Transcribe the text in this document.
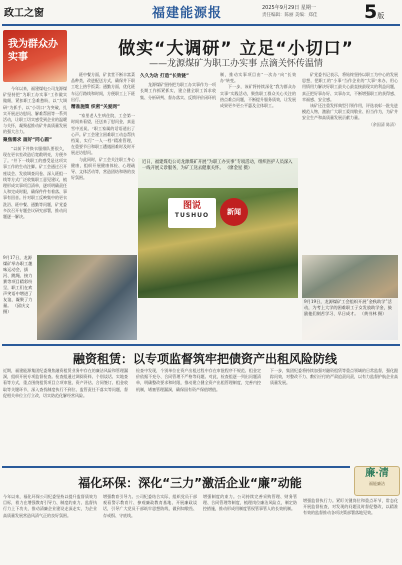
政工之窗	福建能源报	2025年9月29日 星期一
责任编辑：陈丽 美编：郑佳 5版
我为群众办实事	做实“大调研” 立足“小切口”
——龙源煤矿为职工办实事 点滴关怀传温情
今年以来，福建煤电公司龙源煤矿坚持把“为职工办实事”工作做实做细，紧扣职工急难愁盼，以“大调研”为抓手、以“小切口”为突破，扎实开展走访慰问、解难帮困等一系列活动，让职工切实感受到企业的温暖与关怀，凝聚起推动矿井高质量发展的强大合力。
聚焦需求 画好“同心圆”
“以前下井换衣服排队要很久，现在更衣室改造后宽敞明亮，方便多了。”井下一线职工的感受是这项实事工作的生动注脚。矿工会通过召开座谈会、发放调查问卷、深入班组一线等方式广泛收集职工意见建议，梳理形成实事项目清单，逐项明确责任人和完成时限，确保件件有着落、事事有回音。针对职工反映集中的更衣洗浴、班中餐、通勤等问题，矿党委多次召开专题会议研究部署，推动问题逐一解决。
班中餐方面，矿食堂不断丰富菜品种类，改进配送方式，确保井下职工吃上热乎饭菜；通勤方面，优化班车运行路线和时间，方便职工上下班出行。
精准施策 织密“关爱网”
“家里老人生病住院，工会第一时间来看望，还送来了慰问金，真是雪中送炭。”职工家属的话语道出了心声。矿工会建立困难职工动态帮扶档案，实行“一人一档”精准管理，在重要节日和职工遭遇困难时及时开展走访慰问。
与此同时，矿工会关注职工身心健康，组织开展健康体检、心理疏导、文体活动等，营造团结和谐的良好氛围。
久久为功 打造“长效链”
龙源煤矿坚持把为职工办实事作为一项长期工作抓紧抓实，建立健全职工诉求收集、分析研判、督办落实、反馈评价闭环机制，推动实事项目由“一次办”向“长效办”转变。
下一步，该矿将持续深化“我为群众办实事”实践活动，聚焦职工群众关心关注的热点难点问题，不断提升服务质效，让发展成果更多更公平惠及全体职工。
矿党委书记表示，将始终坚持以职工为中心的发展思想，把职工的“小事”当作企业的“大事”来办，用心用情用力解决好职工最关心最直接最现实的利益问题，真正把好事办好、实事办实，不断增强职工的获得感、幸福感、安全感。
该矿还注重发挥典型引领作用，评选表彰一批先进模范人物，激励广大职工爱岗敬业、担当作为，为矿井安全生产和高质量发展贡献力量。
（余国清 陈清）
近日，福建煤电公司龙源煤矿开展“为职工办实事”专项活动，组织医护人员深入一线开展义诊服务，为矿工送去健康关怀。 （廖金星 摄）
图说
TUSHUO	新闻
9月17日，龙源煤矿举办职工趣味运动会，拔河、跳绳、接力赛等项目精彩纷呈，职工们在欢声笑语中增进了友谊、凝聚了力量。 （邱庆文 摄）
9月19日，龙源煤矿工会组织开展“金秋助学”活动，为考上大学的困难职工子女发放助学金，鼓励他们刻苦学习、早日成才。 （黄书林 摄）
融资租赁：以专项监督筑牢把债资产出租风险防线
近期，福建能源集团纪委聚焦融资租赁业务中存在的廉洁风险和管理漏洞，组织开展专项监督检查。检查组通过调阅资料、个别谈话、实地查看等方式，重点围绕租赁项目立项审批、资产评估、合同签订、租金收取等关键环节，深入查找制度执行不到位、监管责任不落实等问题，督促相关单位立行立改，切实防范化解经营风险。
检查中发现，个别单位在资产出租过程中存在审批程序不规范、租金定价依据不充分、合同管理不严格等问题。对此，检查组逐一列出问题清单，明确整改要求和时限，推动建立健全资产出租管理制度，完善内控机制，堵塞管理漏洞，确保国有资产保值增值。
下一步，集团纪委将持续加强对融资租赁等重点领域的日常监督，强化跟踪问效，对整改不力、敷衍应付的严肃追责问责，以有力监督护航企业高质量发展。
福化环保：深化“三力”激活企业“廉”动能
廉·清
福能廉洁
今年以来，福化环保公司纪委坚持以提升监督质效为目标，着力在增强教育引导力、制度约束力、监督执行力上下功夫，推动清廉企业建设走深走实，为企业高质量发展营造风清气正的良好氛围。
增强教育引导力。公司纪委结合实际，组织党员干部观看警示教育片、参观廉政教育基地、开展廉政谈话，引导广大党员干部筑牢思想防线，做到知敬畏、存戒惧、守底线。
增强制度约束力。公司持续完善采购管理、财务管理、合同管理等制度，梳理岗位廉洁风险点，制定防控措施，推动形成用制度管权管事管人的长效机制。
增强监督执行力。紧盯关键岗位和重点环节，常态化开展监督检查，对发现的问题及时督促整改，以精准有效的监督推动各项决策部署落地见效。
